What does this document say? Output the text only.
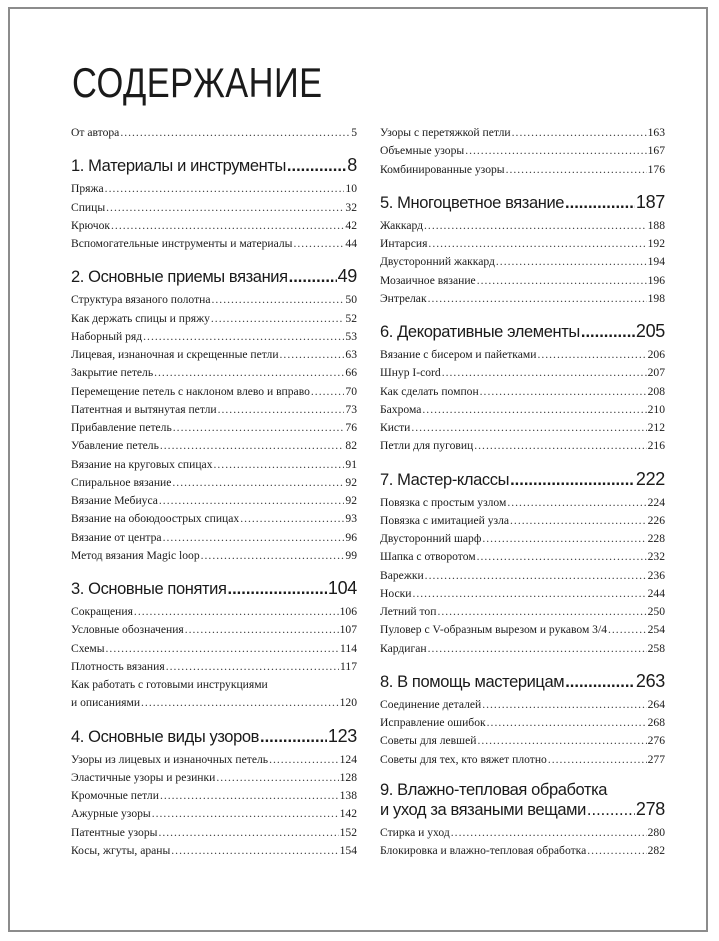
СОДЕРЖАНИЕ
От автора .....	5
1. Материалы и инструменты .....	8
Пряжа .....	10
Спицы .....	32
Крючок .....	42
Вспомогательные инструменты и материалы .....	44
2. Основные приемы вязания .....	49
Структура вязаного полотна .....	50
Как держать спицы и пряжу .....	52
Наборный ряд .....	53
Лицевая, изнаночная и скрещенные петли .....	63
Закрытие петель .....	66
Перемещение петель с наклоном влево и вправо .....	70
Патентная и вытянутая петли .....	73
Прибавление петель .....	76
Убавление петель .....	82
Вязание на круговых спицах .....	91
Спиральное вязание .....	92
Вязание Мебиуса .....	92
Вязание на обоюдоострых спицах .....	93
Вязание от центра .....	96
Метод вязания Magic loop .....	99
3. Основные понятия .....	104
Сокращения .....	106
Условные обозначения .....	107
Схемы .....	114
Плотность вязания .....	117
Как работать с готовыми инструкциями
и описаниями .....	120
4. Основные виды узоров .....	123
Узоры из лицевых и изнаночных петель .....	124
Эластичные узоры и резинки .....	128
Кромочные петли .....	138
Ажурные узоры .....	142
Патентные узоры .....	152
Косы, жгуты, араны .....	154
Узоры с перетяжкой петли .....	163
Объемные узоры .....	167
Комбинированные узоры .....	176
5. Многоцветное вязание .....	187
Жаккард .....	188
Интарсия .....	192
Двусторонний жаккард .....	194
Мозаичное вязание .....	196
Энтрелак .....	198
6. Декоративные элементы .....	205
Вязание с бисером и пайетками .....	206
Шнур I-cord .....	207
Как сделать помпон .....	208
Бахрома .....	210
Кисти .....	212
Петли для пуговиц .....	216
7. Мастер-классы .....	222
Повязка с простым узлом .....	224
Повязка с имитацией узла .....	226
Двусторонний шарф .....	228
Шапка с отворотом .....	232
Варежки .....	236
Носки .....	244
Летний топ .....	250
Пуловер с V-образным вырезом и рукавом 3/4 .....	254
Кардиган .....	258
8. В помощь мастерицам .....	263
Соединение деталей .....	264
Исправление ошибок .....	268
Советы для левшей .....	276
Советы для тех, кто вяжет плотно .....	277
9. Влажно-тепловая обработка
и уход за вязаными вещами .....	278
Стирка и уход .....	280
Блокировка и влажно-тепловая обработка .....	282
